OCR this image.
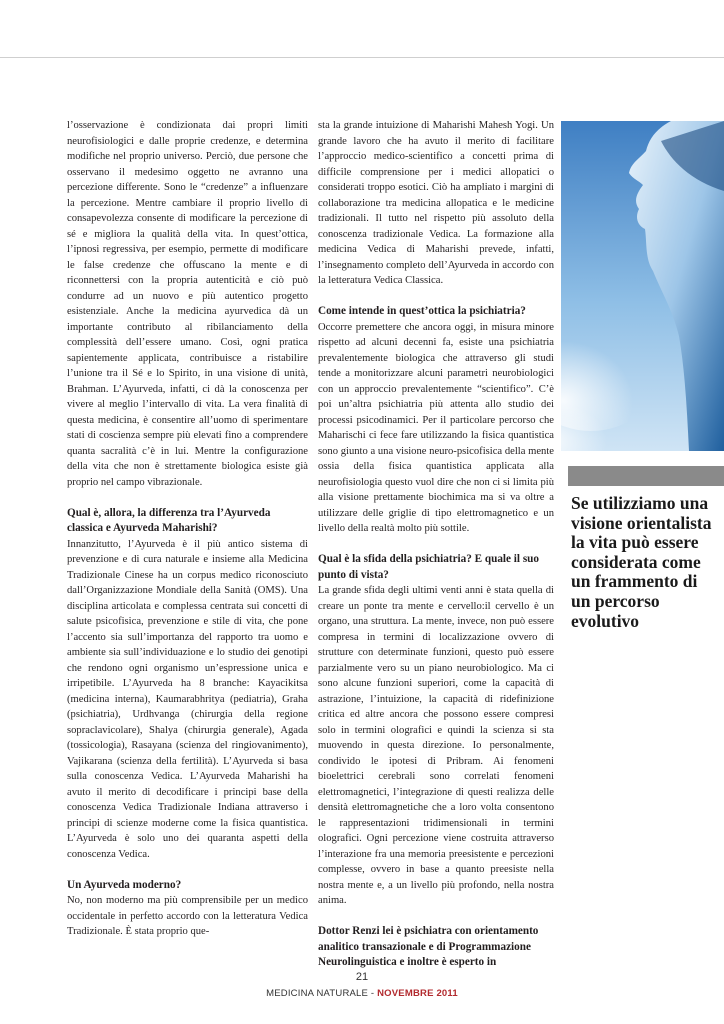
l’osservazione è condizionata dai propri limiti neurofisiologici e dalle proprie credenze, e determina modifiche nel proprio universo. Perciò, due persone che osservano il medesimo oggetto ne avranno una percezione differente. Sono le “credenze” a influenzare la percezione. Mentre cambiare il proprio livello di consapevolezza consente di modificare la percezione di sé e migliora la qualità della vita. In quest’ottica, l’ipnosi regressiva, per esempio, permette di modificare le false credenze che offuscano la mente e di riconnettersi con la propria autenticità e ciò può condurre ad un nuovo e più autentico progetto esistenziale. Anche la medicina ayurvedica dà un importante contributo al ribilanciamento della complessità dell’essere umano. Così, ogni pratica sapientemente applicata, contribuisce a ristabilire l’unione tra il Sé e lo Spirito, in una visione di unità, Brahman. L’Ayurveda, infatti, ci dà la conoscenza per vivere al meglio l’intervallo di vita. La vera finalità di questa medicina, è consentire all’uomo di sperimentare stati di coscienza sempre più elevati fino a comprendere quanta sacralità c’è in lui. Mentre la configurazione della vita che non è strettamente biologica esiste già proprio nel campo vibrazionale.

Qual è, allora, la differenza tra l’Ayurveda classica e Ayurveda Maharishi?

Innanzitutto, l’Ayurveda è il più antico sistema di prevenzione e di cura naturale e insieme alla Medicina Tradizionale Cinese ha un corpus medico riconosciuto dall’Organizzazione Mondiale della Sanità (OMS). Una disciplina articolata e complessa centrata sui concetti di salute psicofisica, prevenzione e stile di vita, che pone l’accento sia sull’importanza del rapporto tra uomo e ambiente sia sull’individuazione e lo studio dei genotipi che rendono ogni organismo un’espressione unica e irripetibile. L’Ayurveda ha 8 branche: Kayacikitsa (medicina interna), Kaumarabhritya (pediatria), Graha (psichiatria), Urdhvanga (chirurgia della regione sopraclavicolare), Shalya (chirurgia generale), Agada (tossicologia), Rasayana (scienza del ringiovanimento), Vajikarana (scienza della fertilità). L’Ayurveda si basa sulla conoscenza Vedica. L’Ayurveda Maharishi ha avuto il merito di decodificare i principi base della conoscenza Vedica Tradizionale Indiana attraverso i principi di scienze moderne come la fisica quantistica. L’Ayurveda è solo uno dei quaranta aspetti della conoscenza Vedica.

Un Ayurveda moderno?

No, non moderno ma più comprensibile per un medico occidentale in perfetto accordo con la letteratura Vedica Tradizionale. È stata proprio que-

sta la grande intuizione di Maharishi Mahesh Yogi. Un grande lavoro che ha avuto il merito di facilitare l’approccio medico-scientifico a concetti prima di difficile comprensione per i medici allopatici o considerati troppo esotici. Ciò ha ampliato i margini di collaborazione tra medicina allopatica e le medicine tradizionali. Il tutto nel rispetto più assoluto della conoscenza tradizionale Vedica. La formazione alla medicina Vedica di Maharishi prevede, infatti, l’insegnamento completo dell’Ayurveda in accordo con la letteratura Vedica Classica.

Come intende in quest’ottica la psichiatria?

Occorre premettere che ancora oggi, in misura minore rispetto ad alcuni decenni fa, esiste una psichiatria prevalentemente biologica che attraverso gli studi tende a monitorizzare alcuni parametri neurobiologici con un approccio prevalentemente “scientifico”. C’è poi un’altra psichiatria più attenta allo studio dei processi psicodinamici. Per il particolare percorso che Maharischi ci fece fare utilizzando la fisica quantistica sono giunto a una visione neuro-psicofisica della mente ossia della fisica quantistica applicata alla neurofisiologia questo vuol dire che non ci si limita più alla visione prettamente biochimica ma si va oltre a utilizzare delle griglie di tipo elettromagnetico e un livello della realtà molto più sottile.

Qual è la sfida della psichiatria? E quale il suo punto di vista?

La grande sfida degli ultimi venti anni è stata quella di creare un ponte tra mente e cervello:il cervello è un organo, una struttura. La mente, invece, non può essere compresa in termini di localizzazione ovvero di strutture con determinate funzioni, questo può essere parzialmente vero su un piano neurobiologico. Ma ci sono alcune funzioni superiori, come la capacità di astrazione, l’intuizione, la capacità di ridefinizione critica ed altre ancora che possono essere compresi solo in termini olografici e quindi la scienza si sta muovendo in questa direzione. Io personalmente, condivido le ipotesi di Pribram. Ai fenomeni bioelettrici cerebrali sono correlati fenomeni elettromagnetici, l’integrazione di questi realizza delle densità elettromagnetiche che a loro volta consentono le rappresentazioni tridimensionali in termini olografici. Ogni percezione viene costruita attraverso l’interazione fra una memoria preesistente e percezioni complesse, ovvero in base a quanto preesiste nella nostra mente e, a un livello più profondo, nella nostra anima.

Dottor Renzi lei è psichiatra con orientamento analitico transazionale e di Programmazione Neurolinguistica e inoltre è esperto in
Se utilizziamo una visione orientalista la vita può essere considerata come un frammento di un percorso evolutivo
21
MEDICINA NATURALE - NOVEMBRE 2011
